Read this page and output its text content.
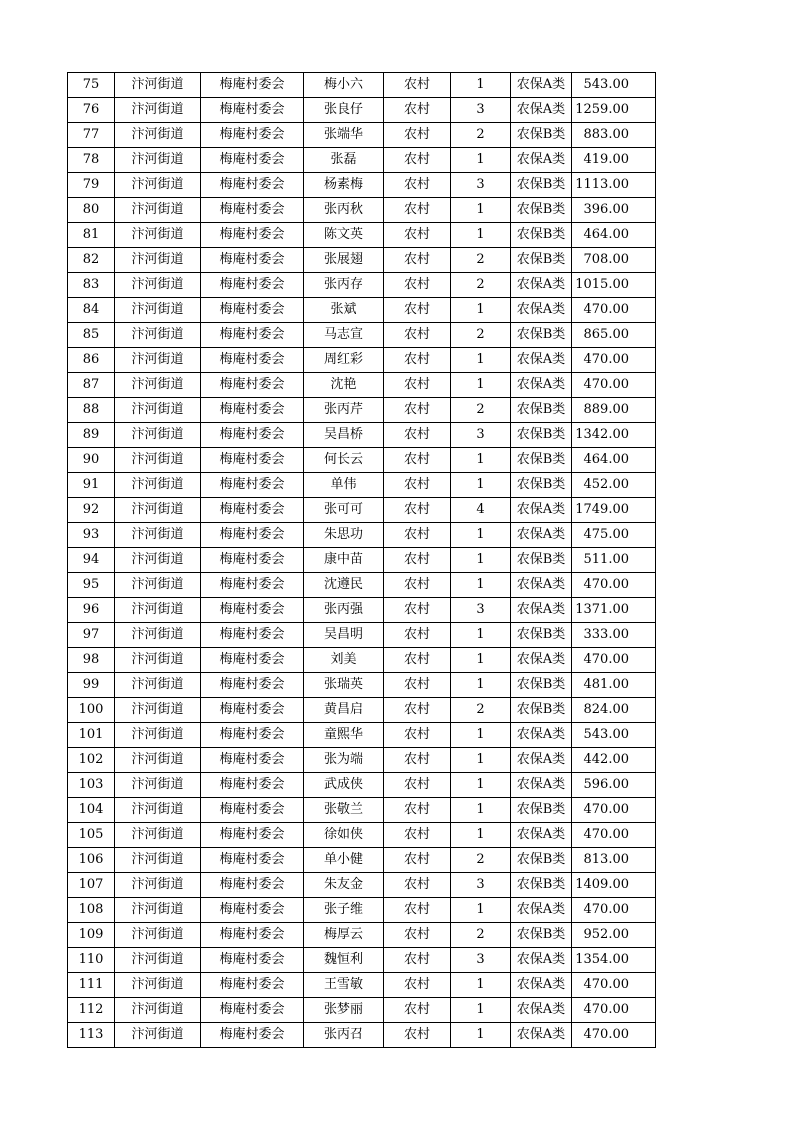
75	汴河街道	梅庵村委会	梅小六	农村	1	农保A类	543.00
76	汴河街道	梅庵村委会	张良仔	农村	3	农保A类	1259.00
77	汴河街道	梅庵村委会	张端华	农村	2	农保B类	883.00
78	汴河街道	梅庵村委会	张磊	农村	1	农保A类	419.00
79	汴河街道	梅庵村委会	杨素梅	农村	3	农保B类	1113.00
80	汴河街道	梅庵村委会	张丙秋	农村	1	农保B类	396.00
81	汴河街道	梅庵村委会	陈文英	农村	1	农保B类	464.00
82	汴河街道	梅庵村委会	张展翅	农村	2	农保B类	708.00
83	汴河街道	梅庵村委会	张丙存	农村	2	农保A类	1015.00
84	汴河街道	梅庵村委会	张斌	农村	1	农保A类	470.00
85	汴河街道	梅庵村委会	马志宣	农村	2	农保B类	865.00
86	汴河街道	梅庵村委会	周红彩	农村	1	农保A类	470.00
87	汴河街道	梅庵村委会	沈艳	农村	1	农保A类	470.00
88	汴河街道	梅庵村委会	张丙芹	农村	2	农保B类	889.00
89	汴河街道	梅庵村委会	吴昌桥	农村	3	农保B类	1342.00
90	汴河街道	梅庵村委会	何长云	农村	1	农保B类	464.00
91	汴河街道	梅庵村委会	单伟	农村	1	农保B类	452.00
92	汴河街道	梅庵村委会	张可可	农村	4	农保A类	1749.00
93	汴河街道	梅庵村委会	朱思功	农村	1	农保A类	475.00
94	汴河街道	梅庵村委会	康中苗	农村	1	农保B类	511.00
95	汴河街道	梅庵村委会	沈遵民	农村	1	农保A类	470.00
96	汴河街道	梅庵村委会	张丙强	农村	3	农保A类	1371.00
97	汴河街道	梅庵村委会	吴昌明	农村	1	农保B类	333.00
98	汴河街道	梅庵村委会	刘美	农村	1	农保A类	470.00
99	汴河街道	梅庵村委会	张瑞英	农村	1	农保B类	481.00
100	汴河街道	梅庵村委会	黄昌启	农村	2	农保B类	824.00
101	汴河街道	梅庵村委会	童熙华	农村	1	农保A类	543.00
102	汴河街道	梅庵村委会	张为端	农村	1	农保A类	442.00
103	汴河街道	梅庵村委会	武成侠	农村	1	农保A类	596.00
104	汴河街道	梅庵村委会	张敬兰	农村	1	农保B类	470.00
105	汴河街道	梅庵村委会	徐如侠	农村	1	农保A类	470.00
106	汴河街道	梅庵村委会	单小健	农村	2	农保B类	813.00
107	汴河街道	梅庵村委会	朱友金	农村	3	农保B类	1409.00
108	汴河街道	梅庵村委会	张子维	农村	1	农保A类	470.00
109	汴河街道	梅庵村委会	梅厚云	农村	2	农保B类	952.00
110	汴河街道	梅庵村委会	魏恒利	农村	3	农保A类	1354.00
111	汴河街道	梅庵村委会	王雪敏	农村	1	农保A类	470.00
112	汴河街道	梅庵村委会	张梦丽	农村	1	农保A类	470.00
113	汴河街道	梅庵村委会	张丙召	农村	1	农保A类	470.00
